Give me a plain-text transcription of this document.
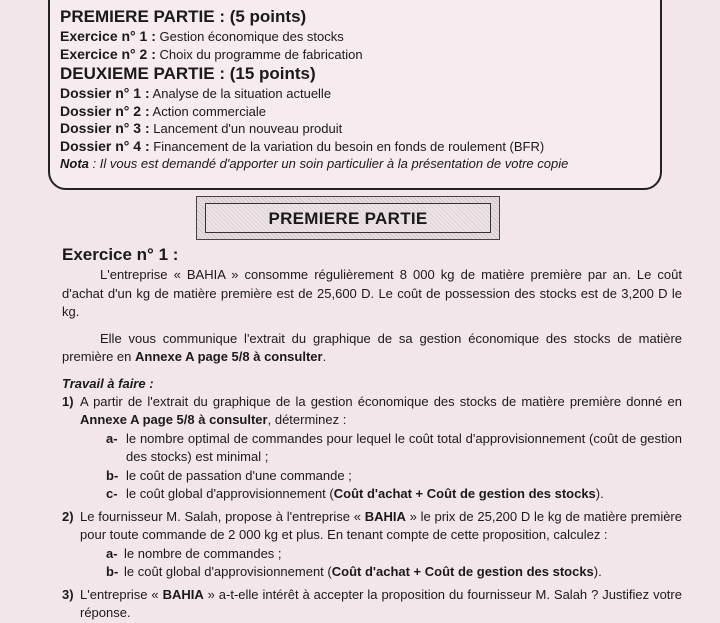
PREMIERE PARTIE : (5 points)
Exercice n° 1 : Gestion économique des stocks
Exercice n° 2 : Choix du programme de fabrication
DEUXIEME PARTIE : (15 points)
Dossier n° 1 : Analyse de la situation actuelle
Dossier n° 2 : Action commerciale
Dossier n° 3 : Lancement d'un nouveau produit
Dossier n° 4 : Financement de la variation du besoin en fonds de roulement (BFR)
Nota : Il vous est demandé d'apporter un soin particulier à la présentation de votre copie
PREMIERE PARTIE
Exercice n° 1 :
L'entreprise « BAHIA » consomme régulièrement 8 000 kg de matière première par an. Le coût d'achat d'un kg de matière première est de 25,600 D. Le coût de possession des stocks est de 3,200 D le kg.
Elle vous communique l'extrait du graphique de sa gestion économique des stocks de matière première en Annexe A page 5/8 à consulter.
Travail à faire :
1) A partir de l'extrait du graphique de la gestion économique des stocks de matière première donné en Annexe A page 5/8 à consulter, déterminez :
a- le nombre optimal de commandes pour lequel le coût total d'approvisionnement (coût de gestion des stocks) est minimal ;
b- le coût de passation d'une commande ;
c- le coût global d'approvisionnement (Coût d'achat + Coût de gestion des stocks).
2) Le fournisseur M. Salah, propose à l'entreprise « BAHIA » le prix de 25,200 D le kg de matière première pour toute commande de 2 000 kg et plus. En tenant compte de cette proposition, calculez :
a- le nombre de commandes ;
b- le coût global d'approvisionnement (Coût d'achat + Coût de gestion des stocks).
3) L'entreprise « BAHIA » a-t-elle intérêt à accepter la proposition du fournisseur M. Salah ? Justifiez votre réponse.
